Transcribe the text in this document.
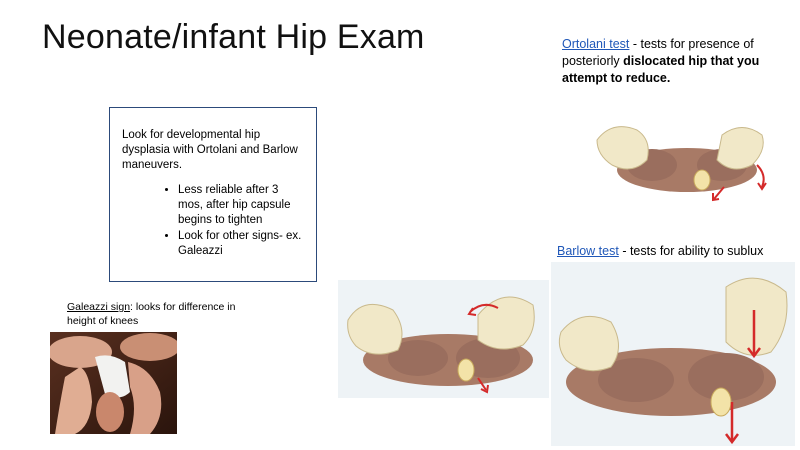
Neonate/infant Hip Exam
Look for developmental hip dysplasia with Ortolani and Barlow maneuvers.
• Less reliable after 3 mos, after hip capsule begins to tighten
• Look for other signs- ex. Galeazzi
Galeazzi sign: looks for difference in height of knees
Ortolani test - tests for presence of posteriorly dislocated hip that you attempt to reduce.
Barlow test - tests for ability to sublux
